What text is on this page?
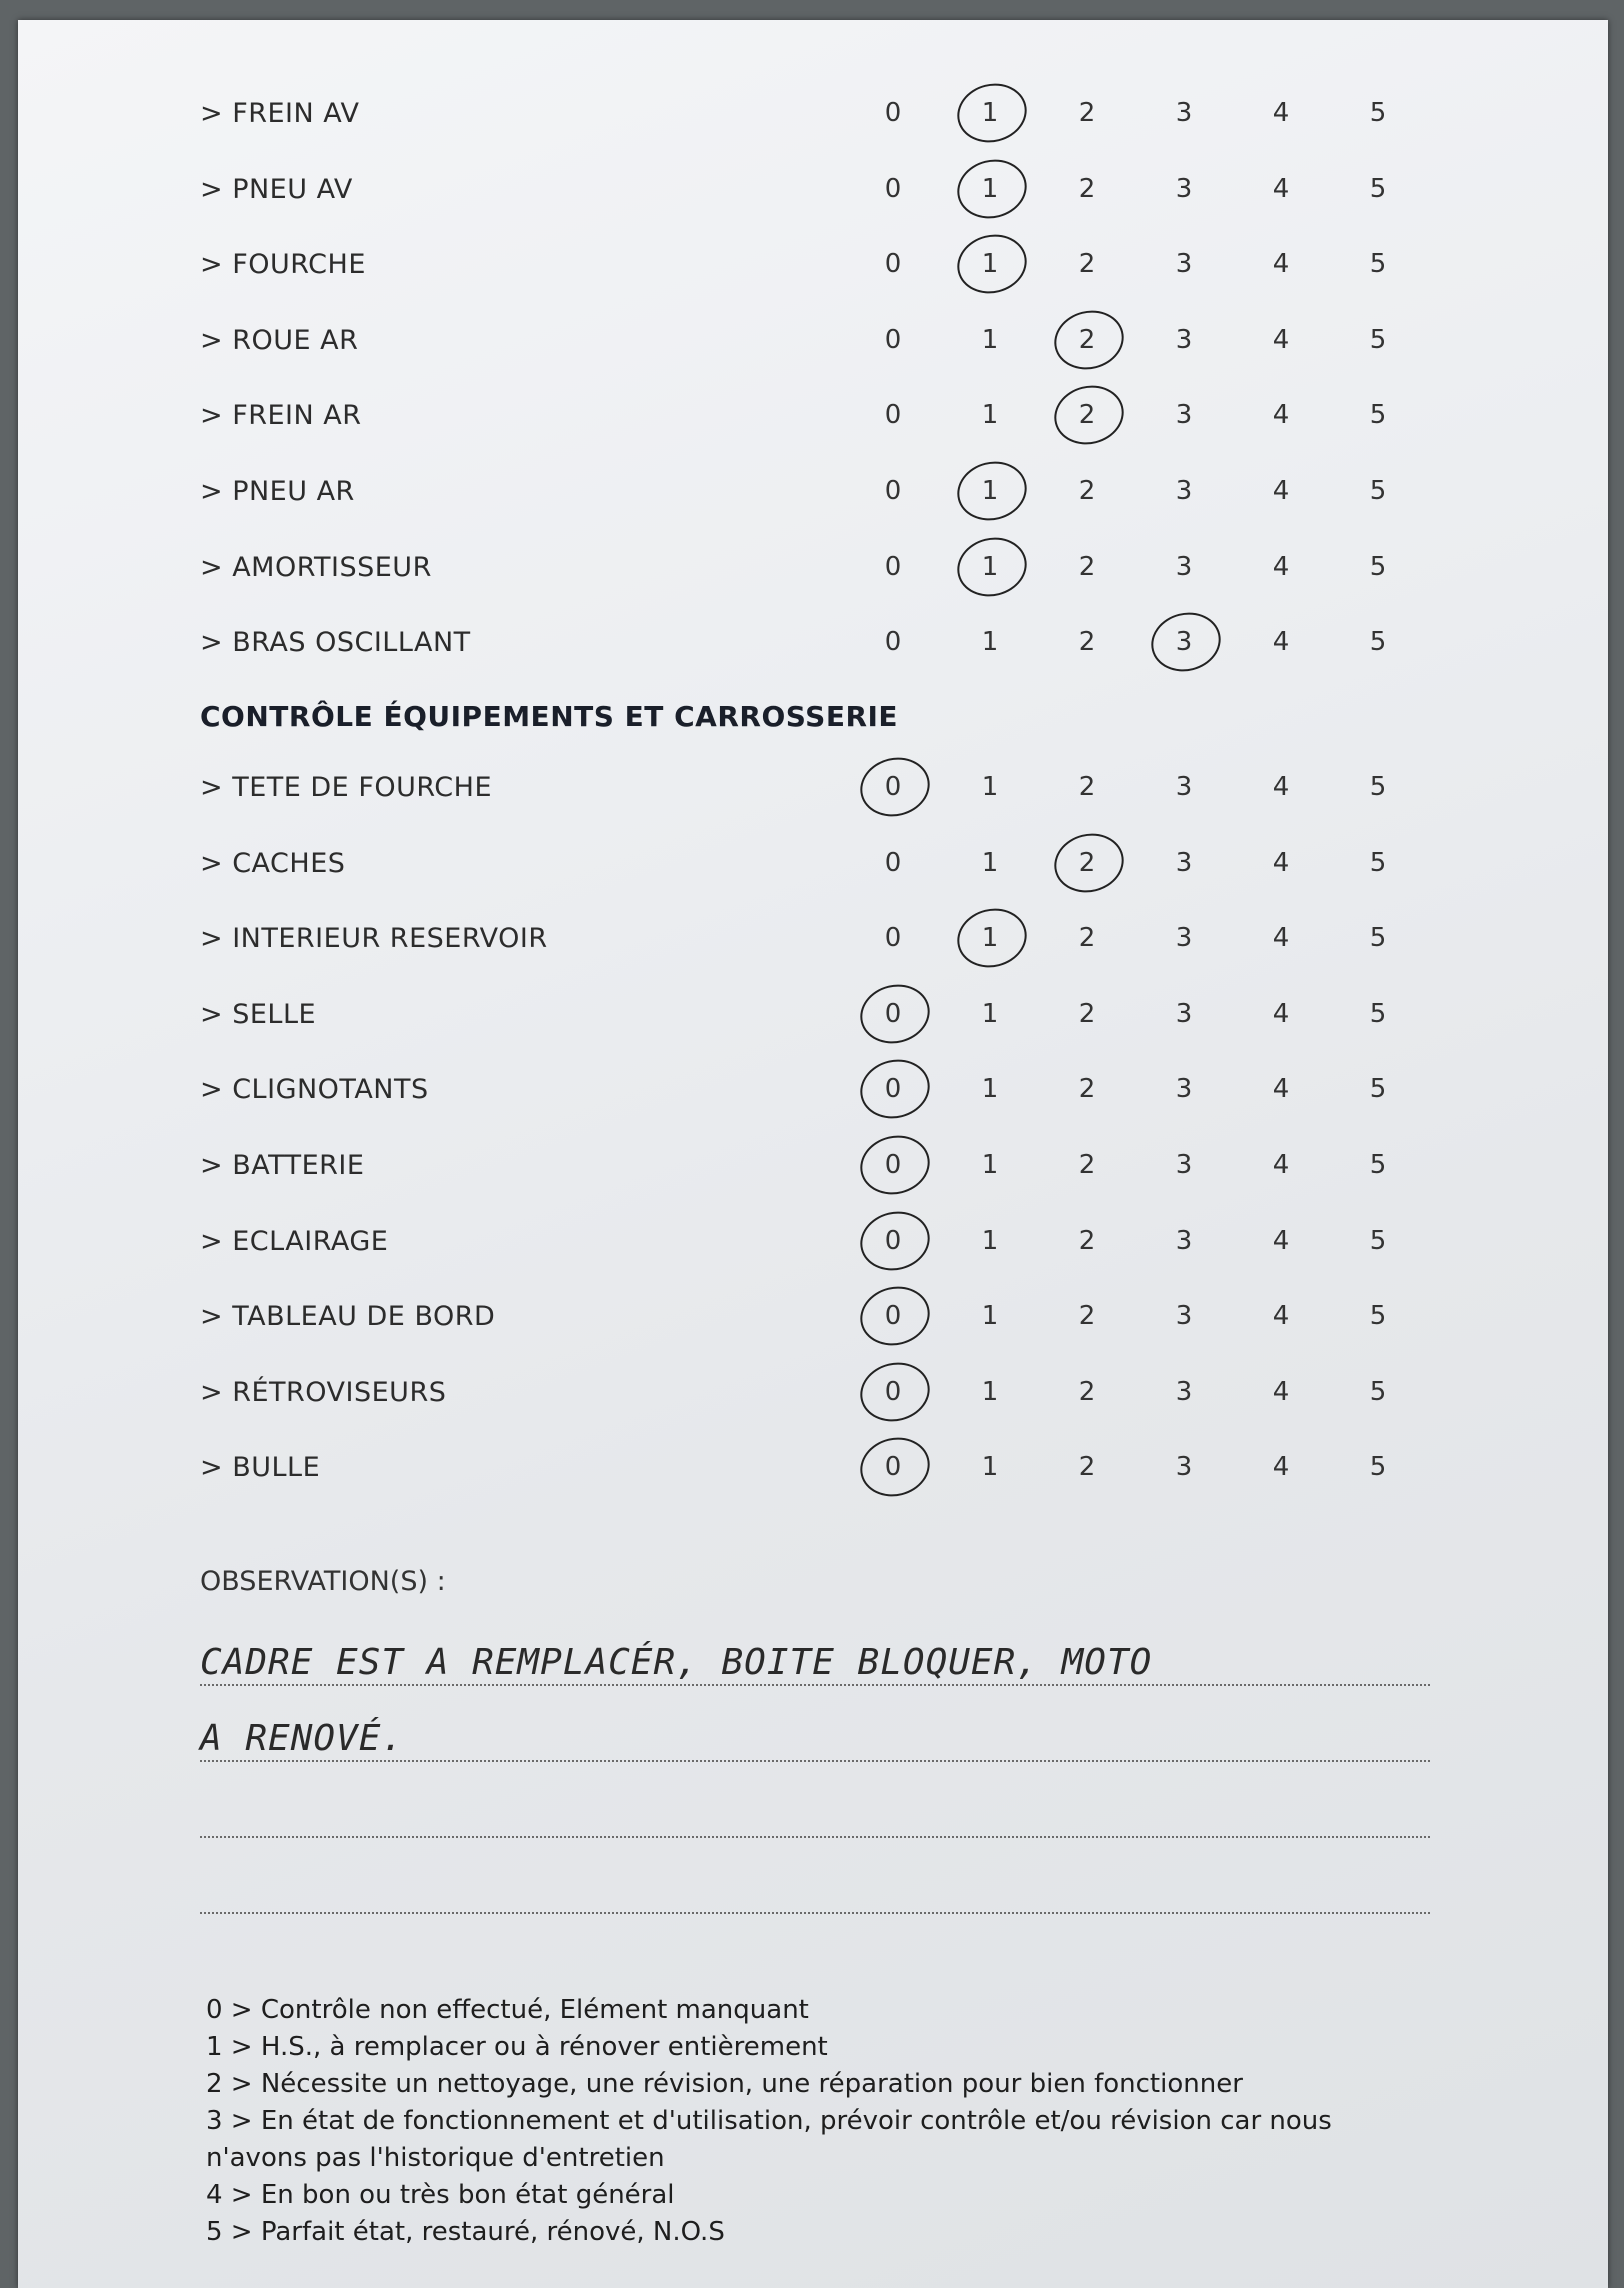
> FREIN AV	0	1	2	3	4	5
> PNEU AV	0	1	2	3	4	5
> FOURCHE	0	1	2	3	4	5
> ROUE AR	0	1	2	3	4	5
> FREIN AR	0	1	2	3	4	5
> PNEU AR	0	1	2	3	4	5
> AMORTISSEUR	0	1	2	3	4	5
> BRAS OSCILLANT	0	1	2	3	4	5
CONTRÔLE ÉQUIPEMENTS ET CARROSSERIE
> TETE DE FOURCHE	0	1	2	3	4	5
> CACHES	0	1	2	3	4	5
> INTERIEUR RESERVOIR	0	1	2	3	4	5
> SELLE	0	1	2	3	4	5
> CLIGNOTANTS	0	1	2	3	4	5
> BATTERIE	0	1	2	3	4	5
> ECLAIRAGE	0	1	2	3	4	5
> TABLEAU DE BORD	0	1	2	3	4	5
> RÉTROVISEURS	0	1	2	3	4	5
> BULLE	0	1	2	3	4	5
OBSERVATION(S) :
CADRE EST A REMPLACÉR, BOITE BLOQUER, MOTO
A RENOVÉ.
0 > Contrôle non effectué, Elément manquant
1 > H.S., à remplacer ou à rénover entièrement
2 > Nécessite un nettoyage, une révision, une réparation pour bien fonctionner
3 > En état de fonctionnement et d'utilisation, prévoir contrôle et/ou révision car nous n'avons pas l'historique d'entretien
4 > En bon ou très bon état général
5 > Parfait état, restauré, rénové, N.O.S
